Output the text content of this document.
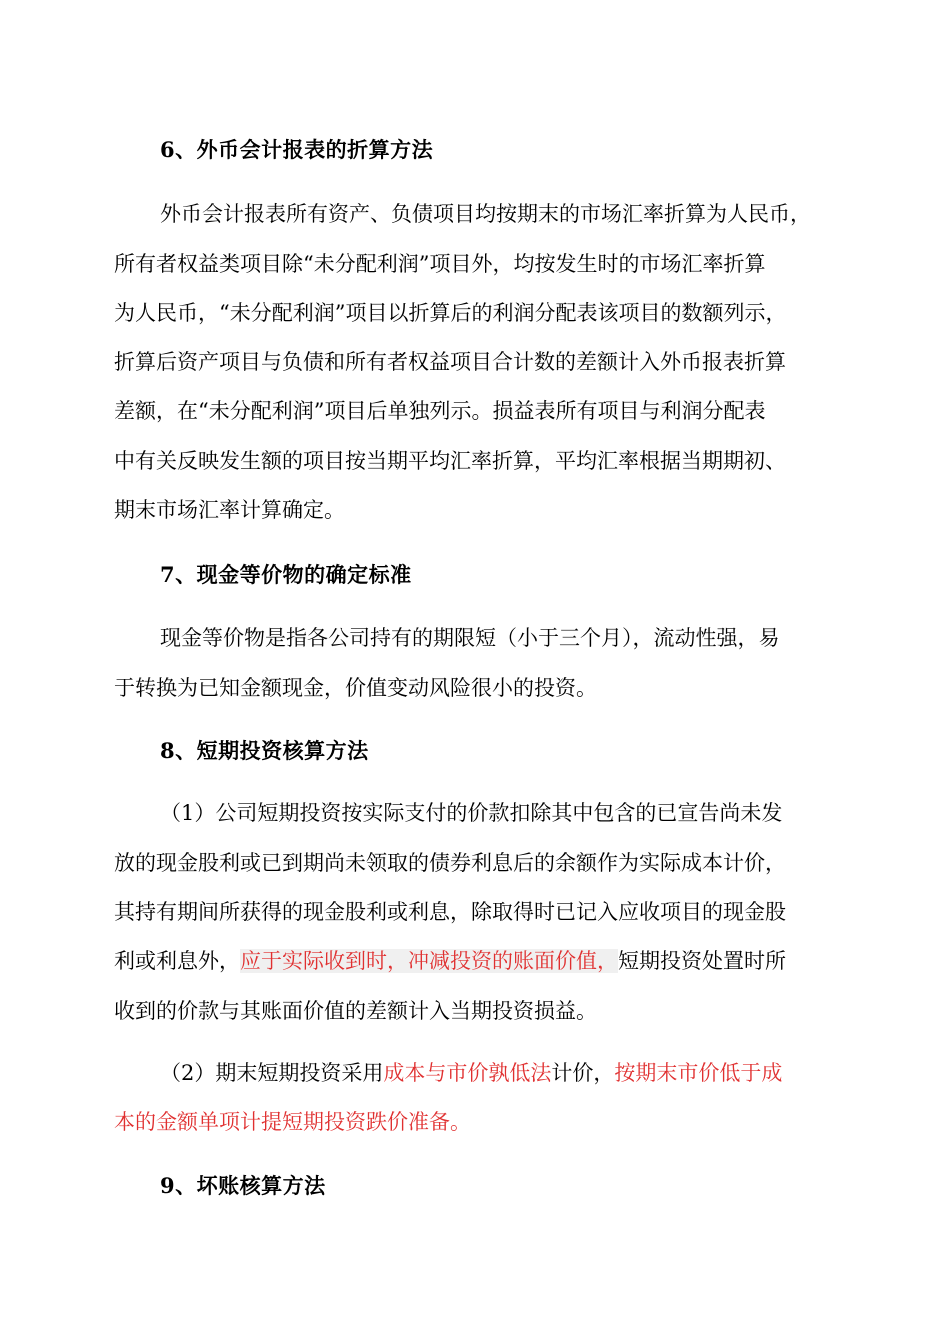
6、外币会计报表的折算方法
外币会计报表所有资产、负债项目均按期末的市场汇率折算为人民币，
所有者权益类项目除“未分配利润”项目外，均按发生时的市场汇率折算
为人民币，“未分配利润”项目以折算后的利润分配表该项目的数额列示，
折算后资产项目与负债和所有者权益项目合计数的差额计入外币报表折算
差额，在“未分配利润”项目后单独列示。损益表所有项目与利润分配表
中有关反映发生额的项目按当期平均汇率折算，平均汇率根据当期期初、
期末市场汇率计算确定。
7、现金等价物的确定标准
现金等价物是指各公司持有的期限短（小于三个月），流动性强，易
于转换为已知金额现金，价值变动风险很小的投资。
8、短期投资核算方法
（1）公司短期投资按实际支付的价款扣除其中包含的已宣告尚未发
放的现金股利或已到期尚未领取的债券利息后的余额作为实际成本计价，
其持有期间所获得的现金股利或利息，除取得时已记入应收项目的现金股
利或利息外，应于实际收到时，冲减投资的账面价值，短期投资处置时所
收到的价款与其账面价值的差额计入当期投资损益。
（2）期末短期投资采用成本与市价孰低法计价，按期末市价低于成
本的金额单项计提短期投资跌价准备。
9、坏账核算方法
